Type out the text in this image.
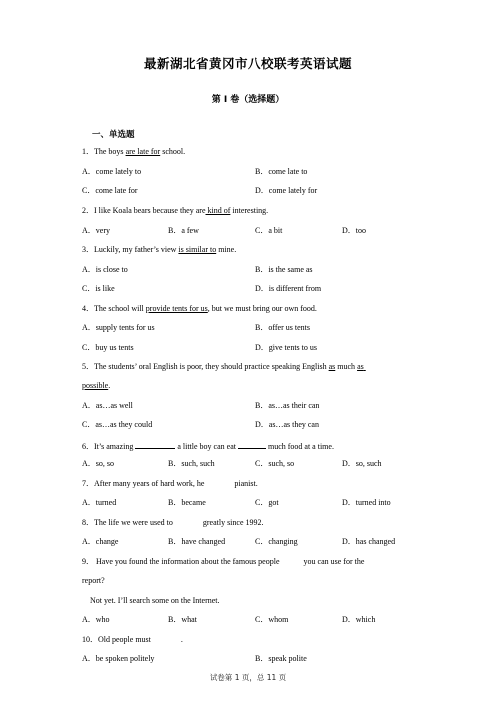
最新湖北省黄冈市八校联考英语试题
第 I 卷（选择题）
一、单选题
1．The boys are late for school.
A．come lately to	B．come late to
C．come late for	D．come lately for
2．I like Koala bears because they are kind of interesting.
A．very	B．a few	C．a bit	D．too
3．Luckily, my father’s view is similar to mine.
A．is close to	B．is the same as
C．is like	D．is different from
4．The school will provide tents for us, but we must bring our own food.
A．supply tents for us	B．offer us tents
C．buy us tents	D．give tents to us
5．The students’ oral English is poor, they should practice speaking English as much as
possible.
A．as…as well	B．as…as their can
C．as…as they could	D．as…as they can
6．It’s amazing	a little boy can eat	much food at a time.
A．so, so	B．such, such	C．such, so	D．so, such
7．After many years of hard work, he	pianist.
A．turned	B．became	C．got	D．turned into
8．The life we were used to	greatly since 1992.
A．change	B．have changed	C．changing	D．has changed
9． Have you found the information about the famous people	you can use for the
report?
Not yet. I’ll search some on the Internet.
A．who	B．what	C．whom	D．which
10．Old people must	.
A．be spoken politely	B．speak polite
试卷第 1 页，总 11 页
